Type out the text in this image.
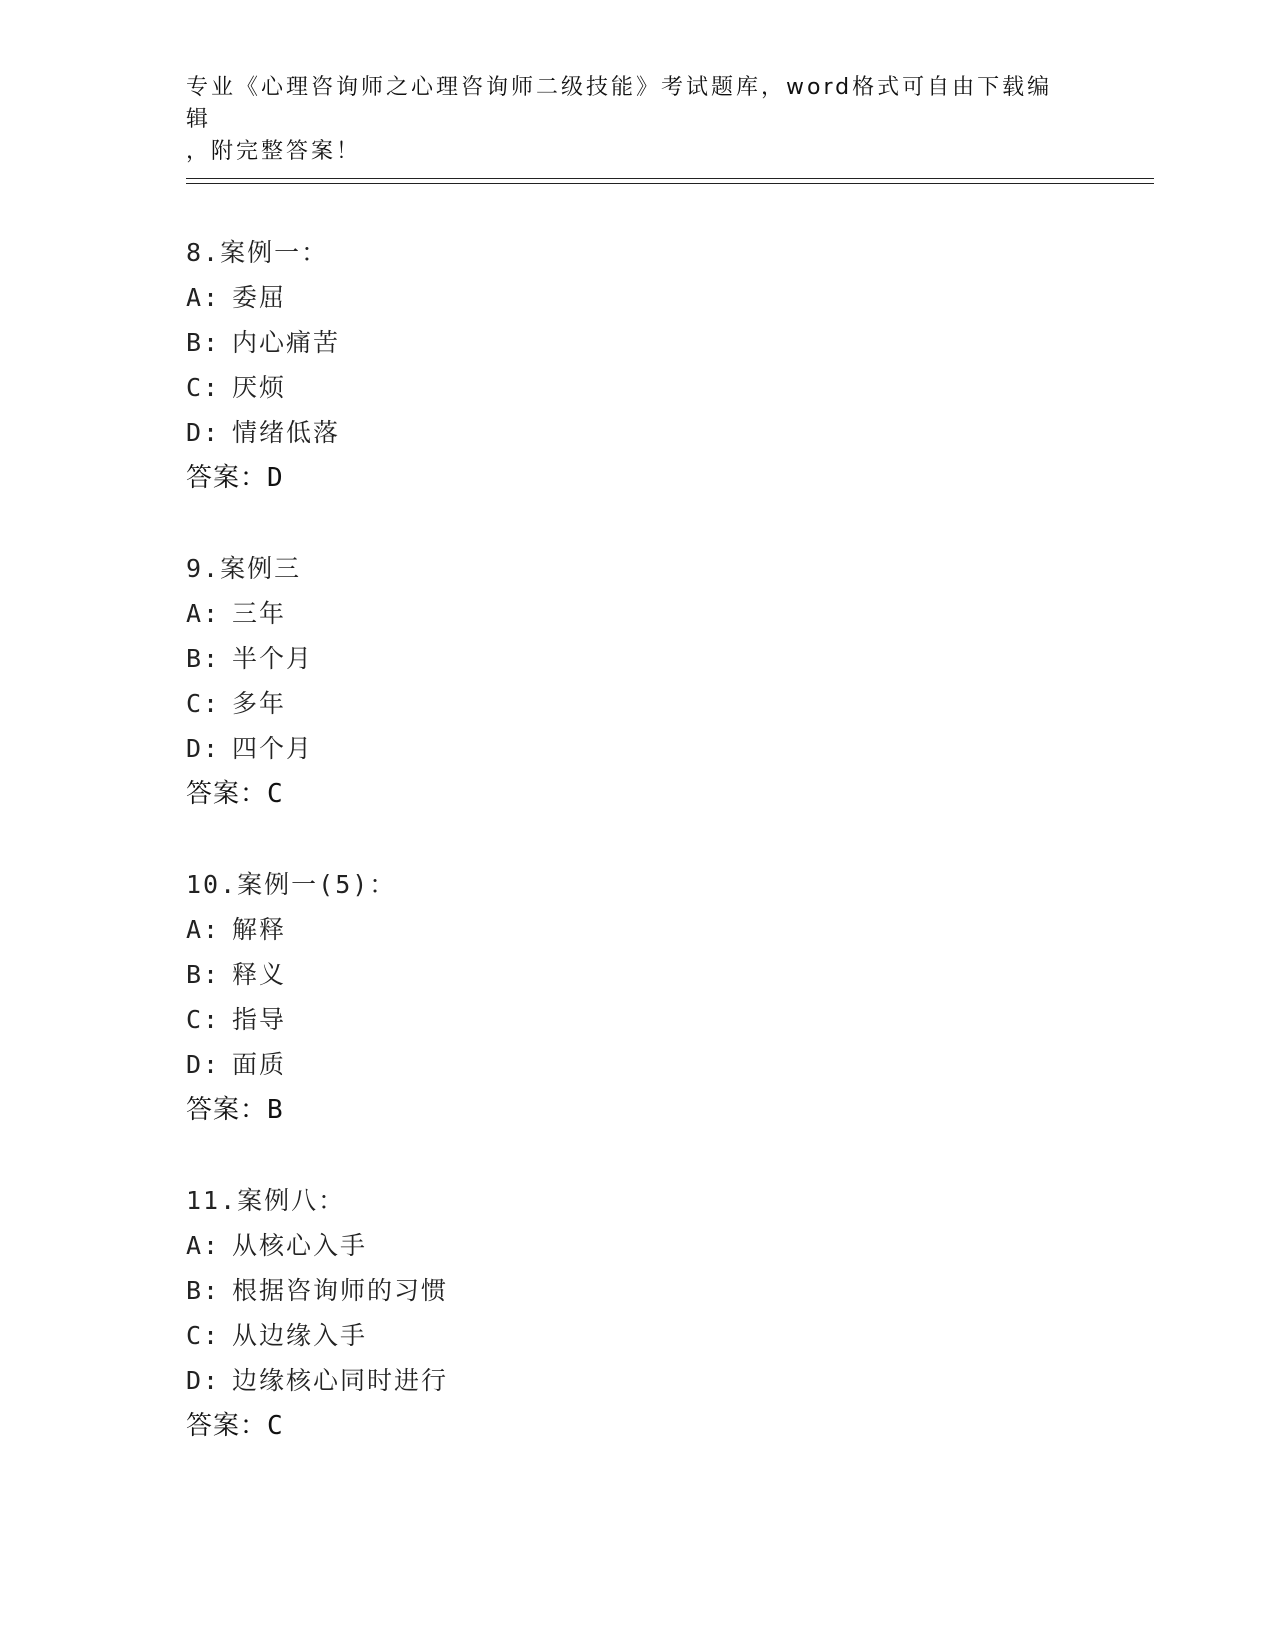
专业《心理咨询师之心理咨询师二级技能》考试题库，word格式可自由下载编辑
，附完整答案！
8.案例一：
A: 委屈
B: 内心痛苦
C: 厌烦
D: 情绪低落
答案：D
9.案例三
A: 三年
B: 半个月
C: 多年
D: 四个月
答案：C
10.案例一(5)：
A: 解释
B: 释义
C: 指导
D: 面质
答案：B
11.案例八：
A: 从核心入手
B: 根据咨询师的习惯
C: 从边缘入手
D: 边缘核心同时进行
答案：C
